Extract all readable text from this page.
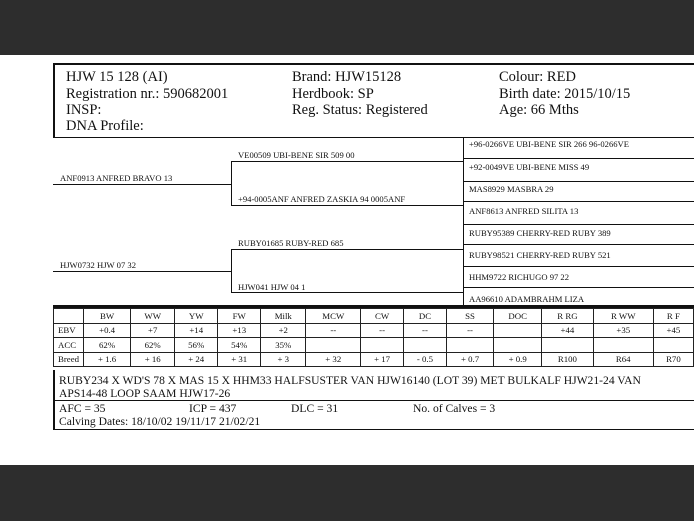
HJW 15 128 (AI)
Registration nr.: 590682001
INSP:
DNA Profile:
Brand: HJW15128
Herdbook: SP
Reg. Status: Registered
Colour: RED
Birth date: 2015/10/15
Age: 66 Mths
ANF0913 ANFRED BRAVO 13
HJW0732 HJW 07 32
VE00509 UBI-BENE SIR 509 00
+94-0005ANF ANFRED ZASKIA 94 0005ANF
RUBY01685 RUBY-RED 685
HJW041 HJW 04 1
+96-0266VE UBI-BENE SIR 266 96-0266VE
+92-0049VE UBI-BENE MISS 49
MAS8929 MASBRA 29
ANF8613 ANFRED SILITA 13
RUBY95389 CHERRY-RED RUBY 389
RUBY98521 CHERRY-RED RUBY 521
HHM9722 RICHUGO 97 22
AA96610 ADAMBRAHM LIZA
	BW	WW	YW	FW	Milk	MCW	CW	DC	SS	DOC	R RG	R WW	R F
EBV	+0.4	+7	+14	+13	+2	--	--	--	--		+44	+35	+45
ACC	62%	62%	56%	54%	35%								
Breed	+ 1.6	+ 16	+ 24	+ 31	+ 3	+ 32	+ 17	- 0.5	+ 0.7	+ 0.9	R100	R64	R70
RUBY234 X WD'S 78 X MAS 15 X HHM33 HALFSUSTER VAN HJW16140 (LOT 39) MET BULKALF HJW21-24 VAN
APS14-48 LOOP SAAM HJW17-26
AFC = 35	ICP = 437	DLC = 31	No. of Calves = 3
Calving Dates: 18/10/02 19/11/17 21/02/21
